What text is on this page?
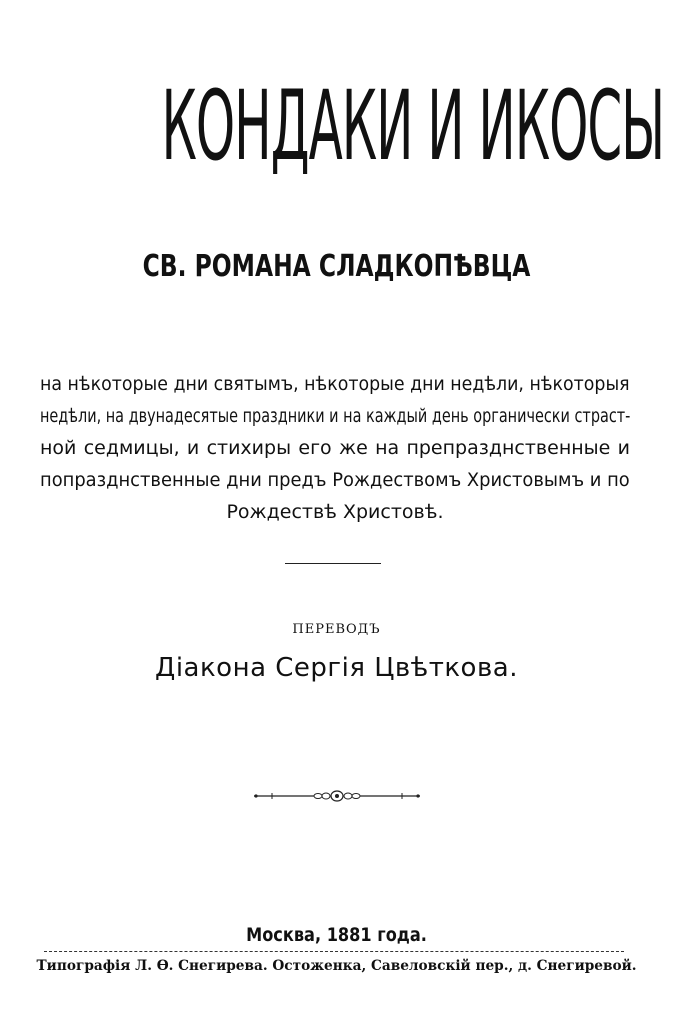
КОНДАКИ И ИКОСЫ
СВ. РОМАНА СЛАДКОПѢВЦА
на нѣкоторые дни святымъ, нѣкоторые дни недѣли, нѣкоторыя
недѣли, на двунадесятые праздники и на каждый день органически страст-
ной седмицы, и стихиры его же на препразднственные и
попразднственные дни предъ Рождествомъ Христовымъ и по
Рождествѣ Христовѣ.
ПЕРЕВОДЪ
Діакона Сергія Цвѣткова.
Москва, 1881 года.
Типографія Л. Ѳ. Снегирева. Остоженка, Савеловскій пер., д. Снегиревой.
